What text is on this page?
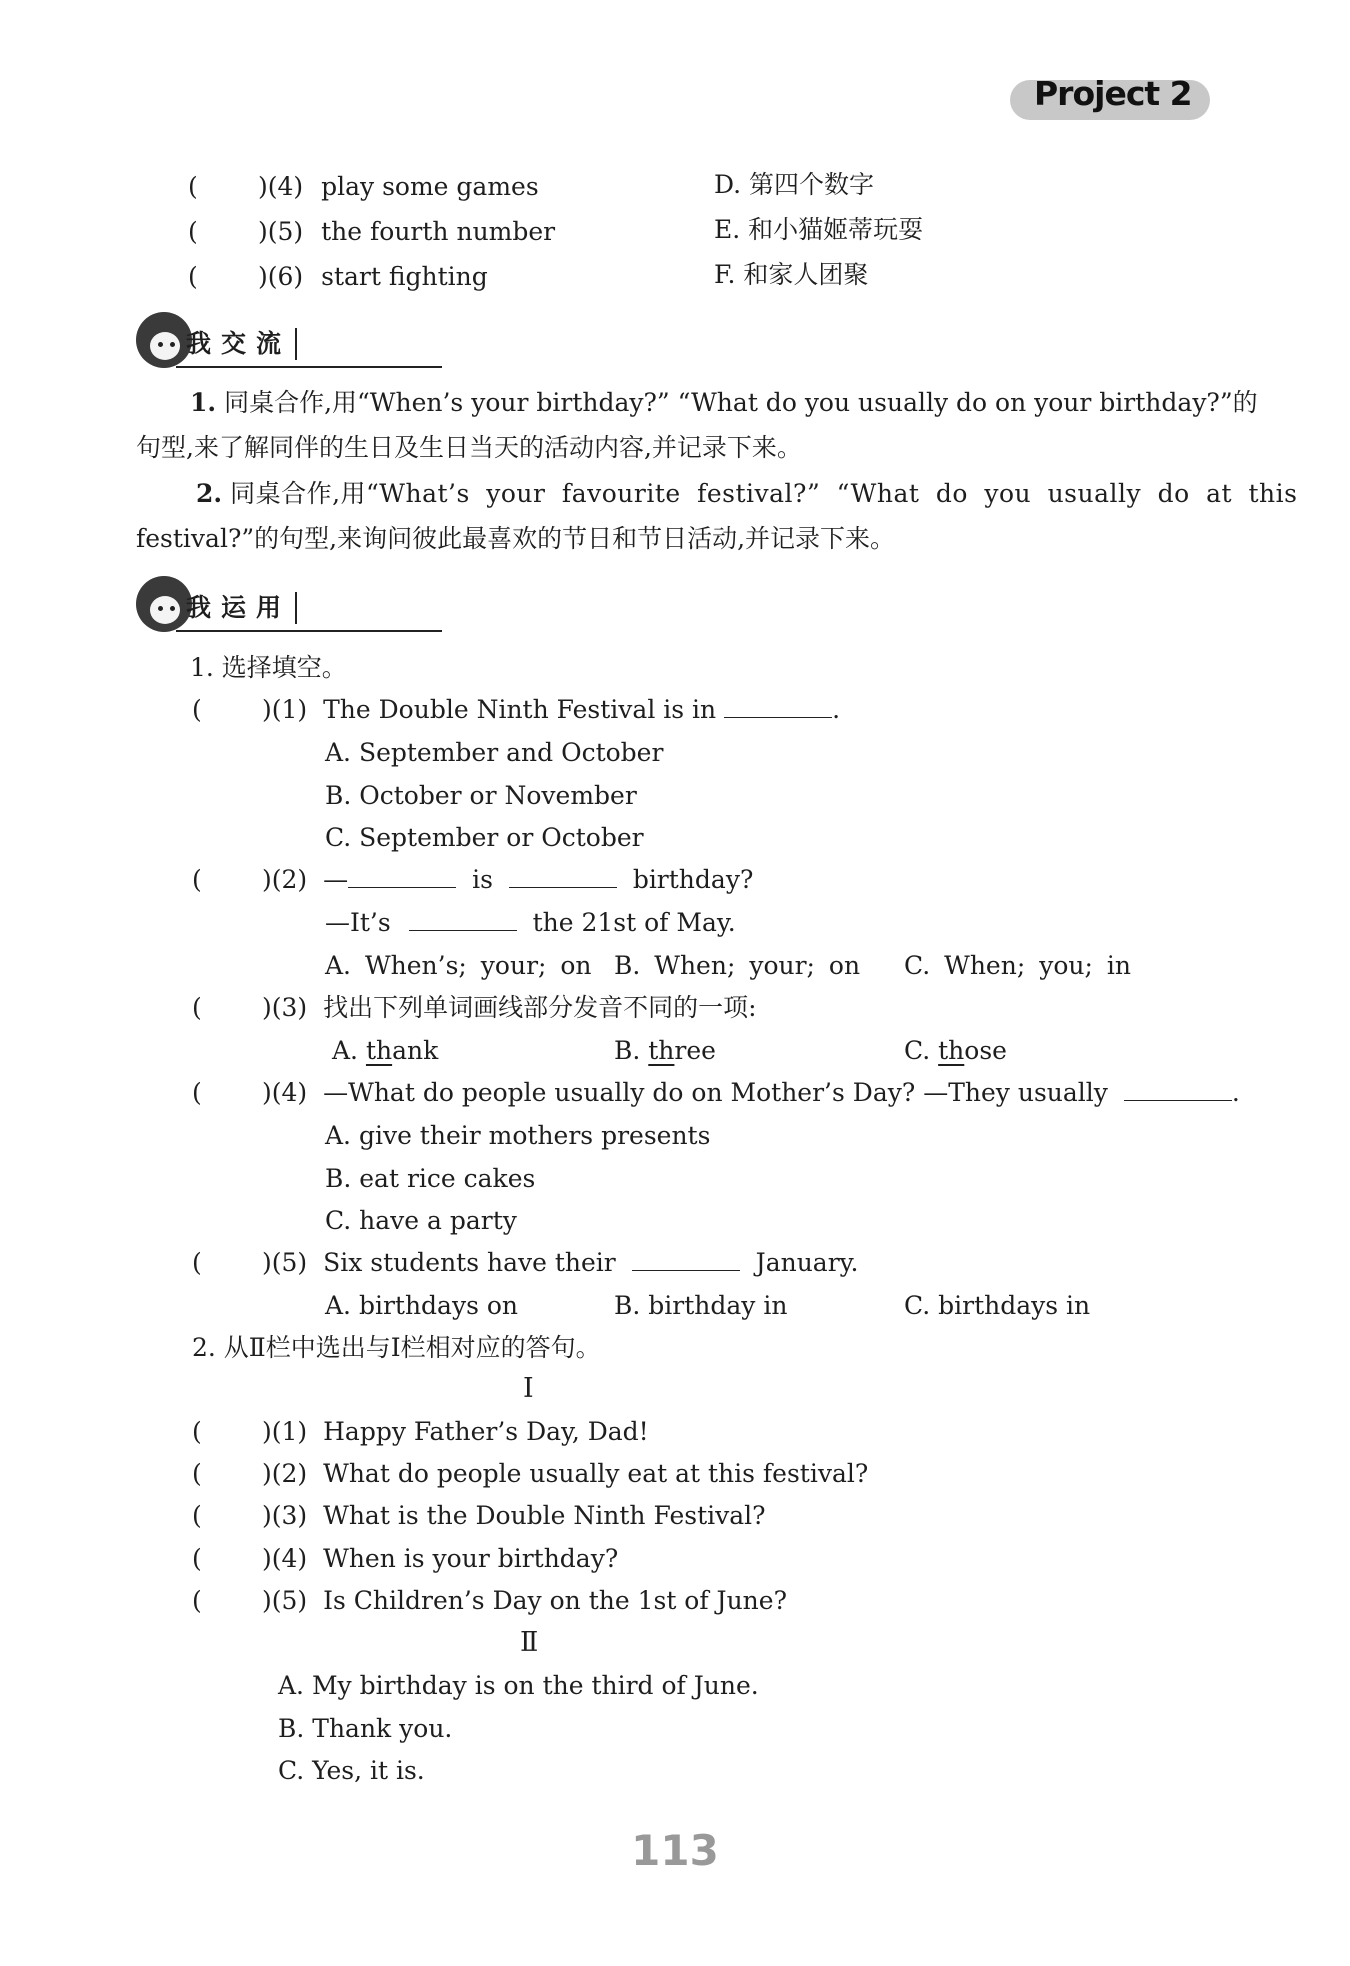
Project 2
( )(4) play some games	D. 第四个数字
( )(5) the fourth number	E. 和小猫姬蒂玩耍
( )(6) start fighting	F. 和家人团聚
我交流
1. 同桌合作,用“When’s your birthday?” “What do you usually do on your birthday?”的
句型,来了解同伴的生日及生日当天的活动内容,并记录下来。
2. 同桌合作,用“What’s your favourite festival?” “What do you usually do at this
festival?”的句型,来询问彼此最喜欢的节日和节日活动,并记录下来。
我运用
1. 选择填空。
( )(1) The Double Ninth Festival is in	.
A. September and October
B. October or November
C. September or October
( )(2) —	is	birthday?
—It’s	the 21st of May.
A. When’s; your; on B. When; your; on C. When; you; in
( )(3) 找出下列单词画线部分发音不同的一项:
A. thank	B. three	C. those
( )(4) —What do people usually do on Mother’s Day? —They usually	.
A. give their mothers presents
B. eat rice cakes
C. have a party
( )(5) Six students have their	January.
A. birthdays on	B. birthday in	C. birthdays in
2. 从Ⅱ栏中选出与Ⅰ栏相对应的答句。
Ⅰ
( )(1) Happy Father’s Day, Dad!
( )(2) What do people usually eat at this festival?
( )(3) What is the Double Ninth Festival?
( )(4) When is your birthday?
( )(5) Is Children’s Day on the 1st of June?
Ⅱ
A. My birthday is on the third of June.
B. Thank you.
C. Yes, it is.
113
